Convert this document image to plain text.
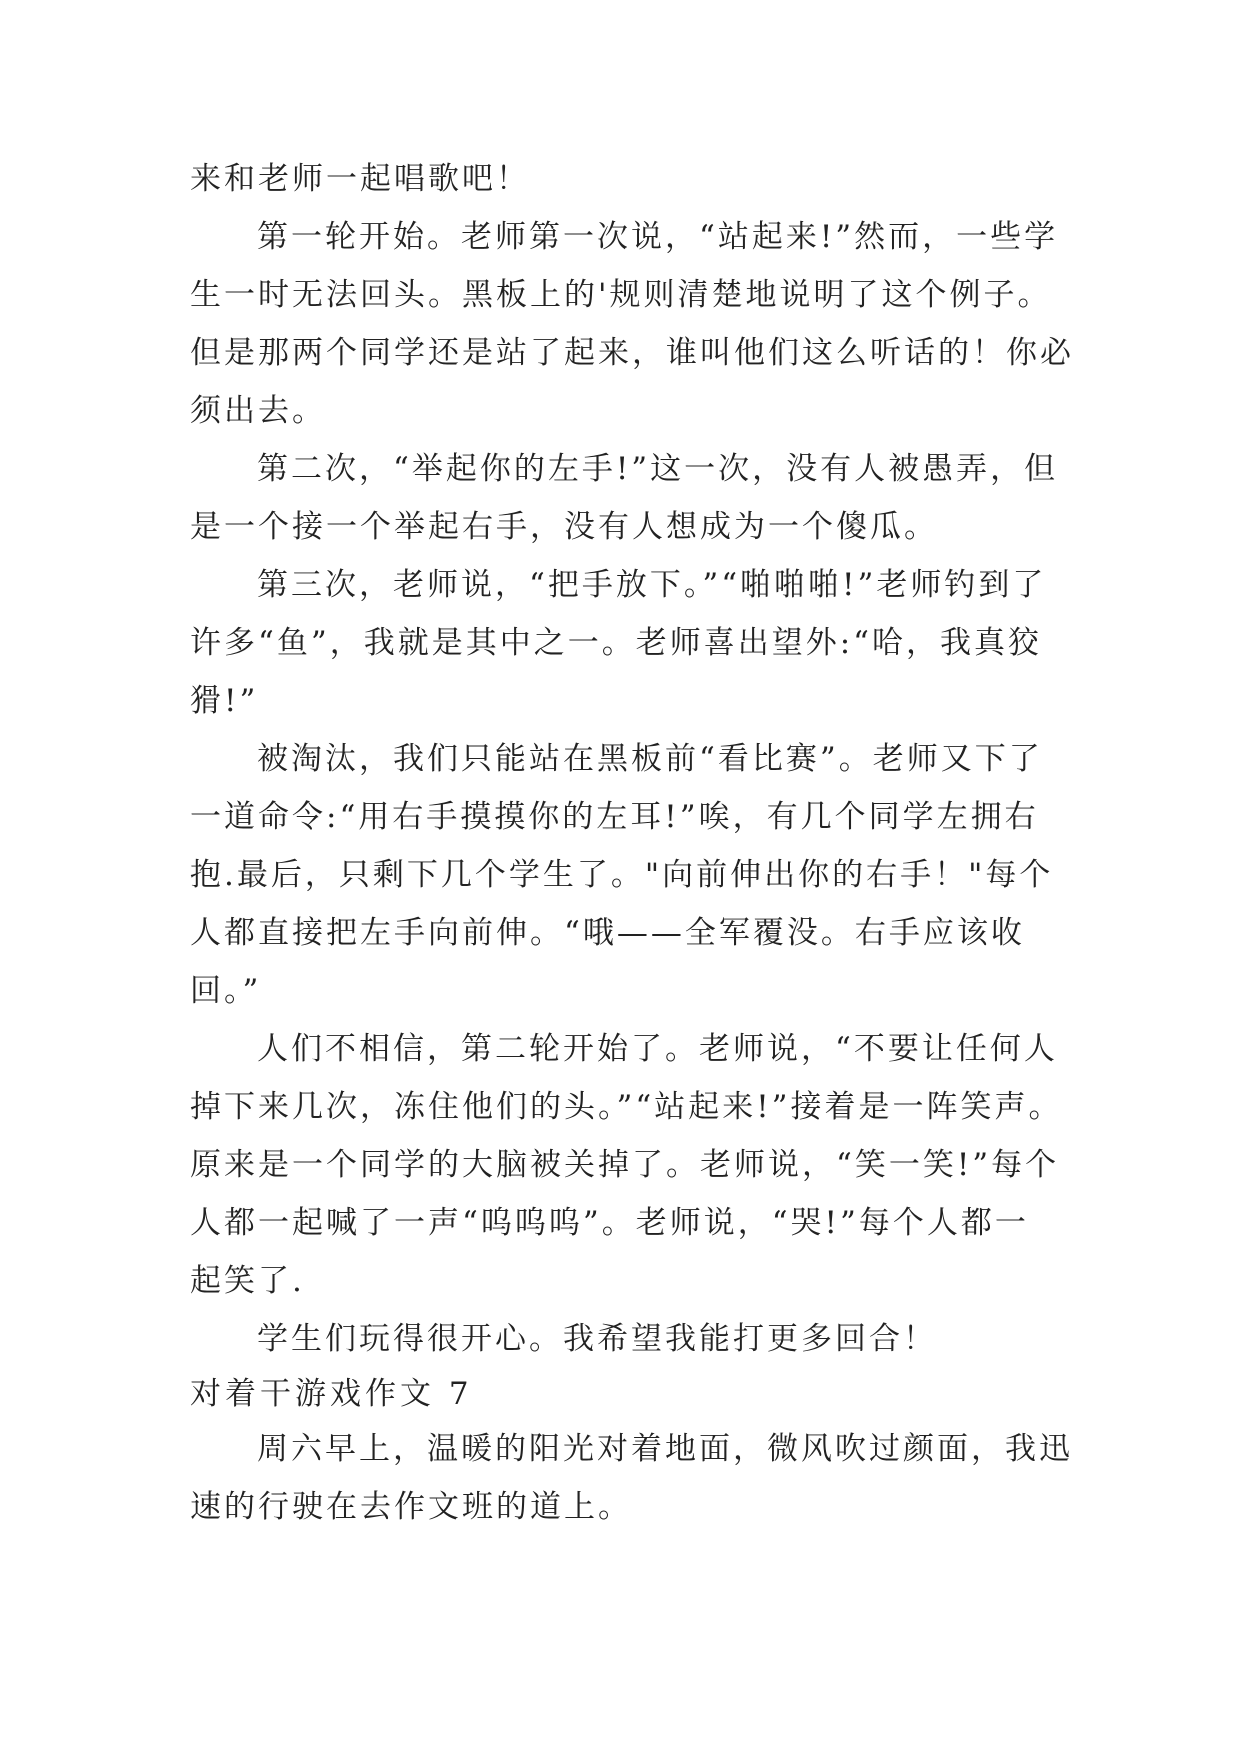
来和老师一起唱歌吧！
第一轮开始。老师第一次说，“站起来!”然而，一些学
生一时无法回头。黑板上的'规则清楚地说明了这个例子。
但是那两个同学还是站了起来，谁叫他们这么听话的！你必
须出去。
第二次，“举起你的左手!”这一次，没有人被愚弄，但
是一个接一个举起右手，没有人想成为一个傻瓜。
第三次，老师说，“把手放下。”“啪啪啪!”老师钓到了
许多“鱼”，我就是其中之一。老师喜出望外:“哈，我真狡
猾!”
被淘汰，我们只能站在黑板前“看比赛”。老师又下了
一道命令:“用右手摸摸你的左耳!”唉，有几个同学左拥右
抱.最后，只剩下几个学生了。"向前伸出你的右手！"每个
人都直接把左手向前伸。“哦——全军覆没。右手应该收
回。”
人们不相信，第二轮开始了。老师说，“不要让任何人
掉下来几次，冻住他们的头。”“站起来!”接着是一阵笑声。
原来是一个同学的大脑被关掉了。老师说，“笑一笑!”每个
人都一起喊了一声“呜呜呜”。老师说，“哭!”每个人都一
起笑了.
学生们玩得很开心。我希望我能打更多回合！
对着干游戏作文 7
周六早上，温暖的阳光对着地面，微风吹过颜面，我迅
速的行驶在去作文班的道上。
